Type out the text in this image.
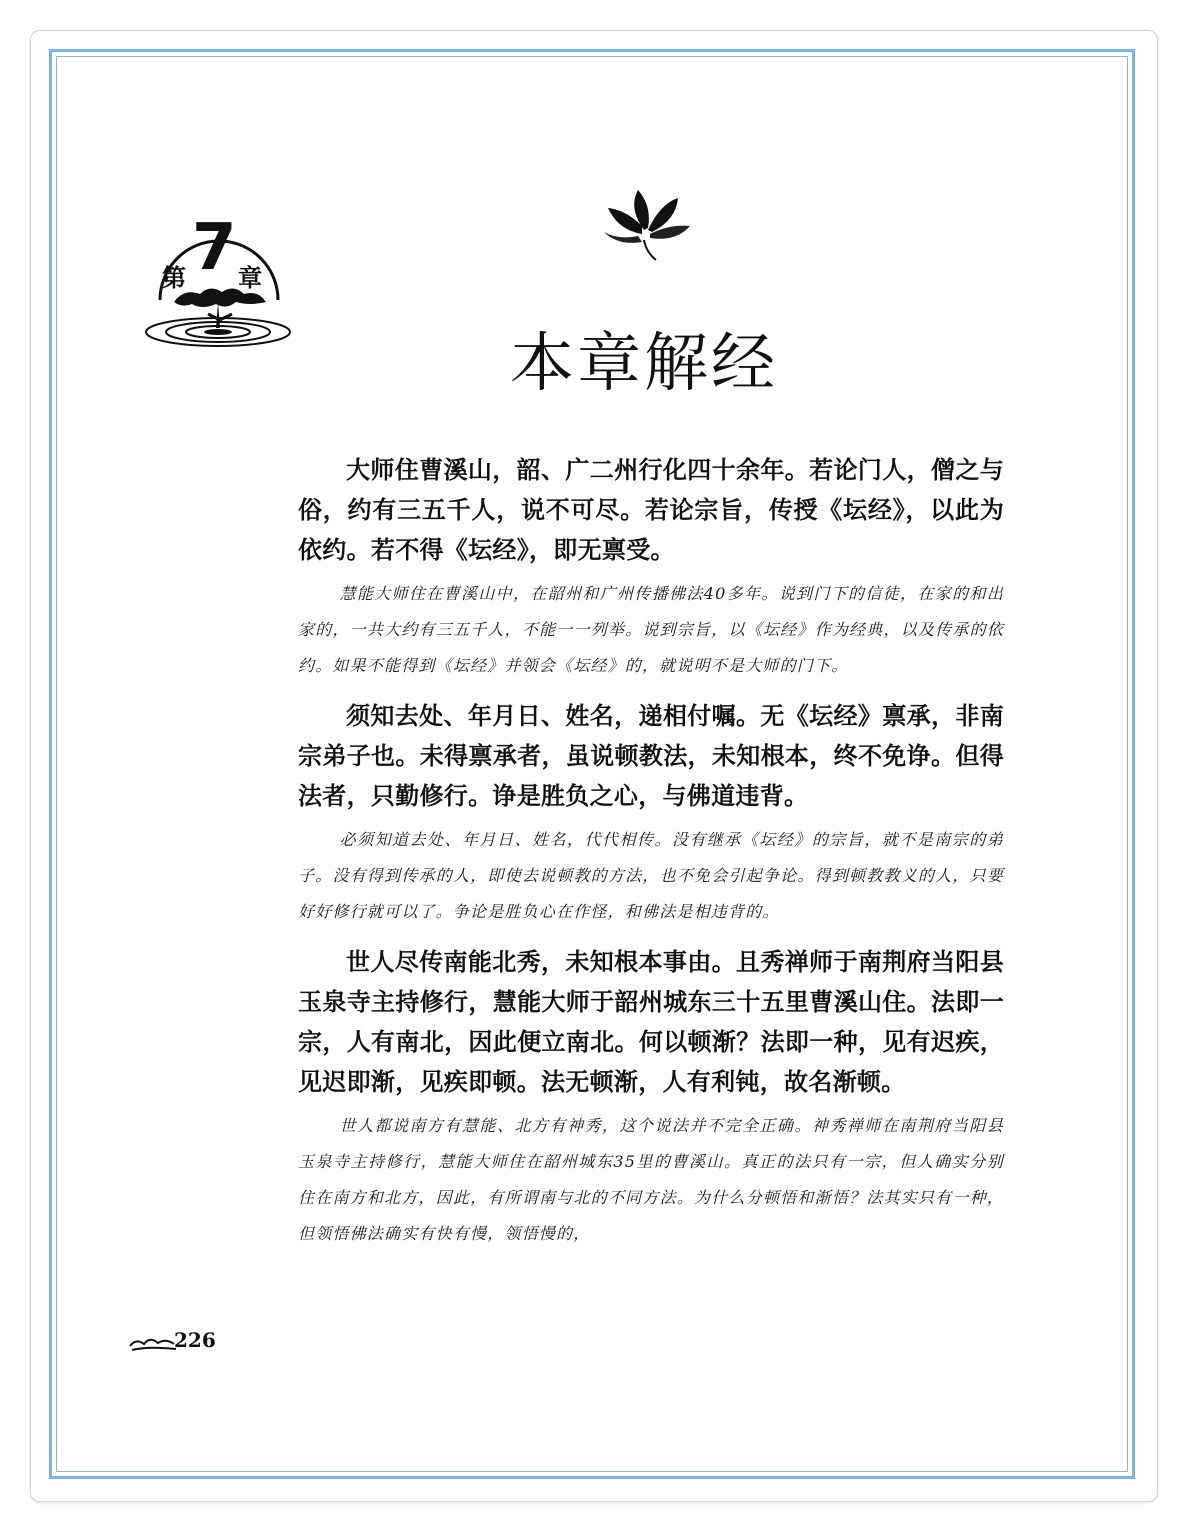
第 7 章
本章解经

大师住曹溪山，韶、广二州行化四十余年。若论门人，僧之与俗，约有三五千人，说不可尽。若论宗旨，传授《坛经》，以此为依约。若不得《坛经》，即无禀受。

慧能大师住在曹溪山中，在韶州和广州传播佛法40多年。说到门下的信徒，在家的和出家的，一共大约有三五千人，不能一一列举。说到宗旨，以《坛经》作为经典，以及传承的依约。如果不能得到《坛经》并领会《坛经》的，就说明不是大师的门下。

须知去处、年月日、姓名，递相付嘱。无《坛经》禀承，非南宗弟子也。未得禀承者，虽说顿教法，未知根本，终不免诤。但得法者，只勤修行。诤是胜负之心，与佛道违背。

必须知道去处、年月日、姓名，代代相传。没有继承《坛经》的宗旨，就不是南宗的弟子。没有得到传承的人，即使去说顿教的方法，也不免会引起争论。得到顿教教义的人，只要好好修行就可以了。争论是胜负心在作怪，和佛法是相违背的。

世人尽传南能北秀，未知根本事由。且秀禅师于南荆府当阳县玉泉寺主持修行，慧能大师于韶州城东三十五里曹溪山住。法即一宗，人有南北，因此便立南北。何以顿渐？法即一种，见有迟疾，见迟即渐，见疾即顿。法无顿渐，人有利钝，故名渐顿。

世人都说南方有慧能、北方有神秀，这个说法并不完全正确。神秀禅师在南荆府当阳县玉泉寺主持修行，慧能大师住在韶州城东35里的曹溪山。真正的法只有一宗，但人确实分别住在南方和北方，因此，有所谓南与北的不同方法。为什么分顿悟和渐悟？法其实只有一种，但领悟佛法确实有快有慢，领悟慢的，

226
